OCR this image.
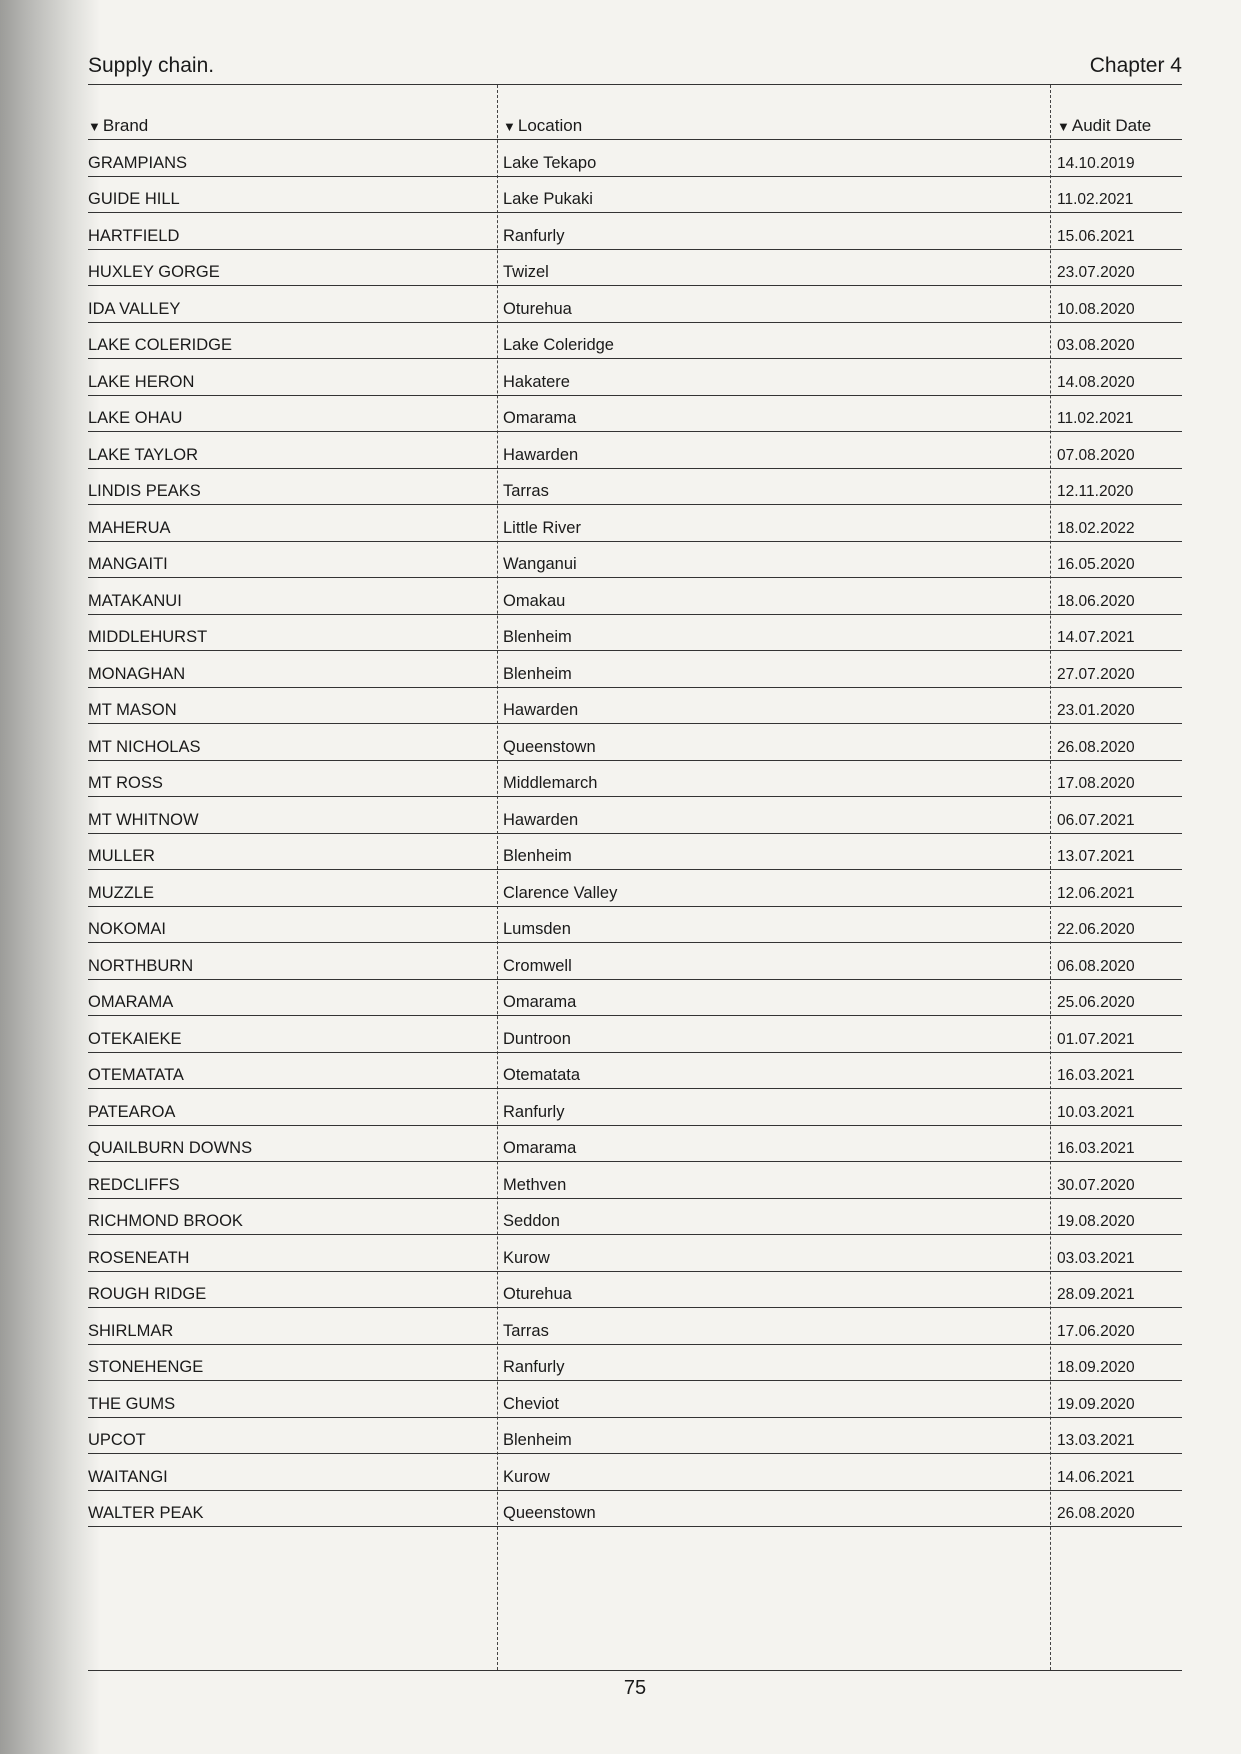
Supply chain.	Chapter 4
▼ Brand	▼ Location	▼ Audit Date
GRAMPIANS	Lake Tekapo	14.10.2019
GUIDE HILL	Lake Pukaki	11.02.2021
HARTFIELD	Ranfurly	15.06.2021
HUXLEY GORGE	Twizel	23.07.2020
IDA VALLEY	Oturehua	10.08.2020
LAKE COLERIDGE	Lake Coleridge	03.08.2020
LAKE HERON	Hakatere	14.08.2020
LAKE OHAU	Omarama	11.02.2021
LAKE TAYLOR	Hawarden	07.08.2020
LINDIS PEAKS	Tarras	12.11.2020
MAHERUA	Little River	18.02.2022
MANGAITI	Wanganui	16.05.2020
MATAKANUI	Omakau	18.06.2020
MIDDLEHURST	Blenheim	14.07.2021
MONAGHAN	Blenheim	27.07.2020
MT MASON	Hawarden	23.01.2020
MT NICHOLAS	Queenstown	26.08.2020
MT ROSS	Middlemarch	17.08.2020
MT WHITNOW	Hawarden	06.07.2021
MULLER	Blenheim	13.07.2021
MUZZLE	Clarence Valley	12.06.2021
NOKOMAI	Lumsden	22.06.2020
NORTHBURN	Cromwell	06.08.2020
OMARAMA	Omarama	25.06.2020
OTEKAIEKE	Duntroon	01.07.2021
OTEMATATA	Otematata	16.03.2021
PATEAROA	Ranfurly	10.03.2021
QUAILBURN DOWNS	Omarama	16.03.2021
REDCLIFFS	Methven	30.07.2020
RICHMOND BROOK	Seddon	19.08.2020
ROSENEATH	Kurow	03.03.2021
ROUGH RIDGE	Oturehua	28.09.2021
SHIRLMAR	Tarras	17.06.2020
STONEHENGE	Ranfurly	18.09.2020
THE GUMS	Cheviot	19.09.2020
UPCOT	Blenheim	13.03.2021
WAITANGI	Kurow	14.06.2021
WALTER PEAK	Queenstown	26.08.2020
75
